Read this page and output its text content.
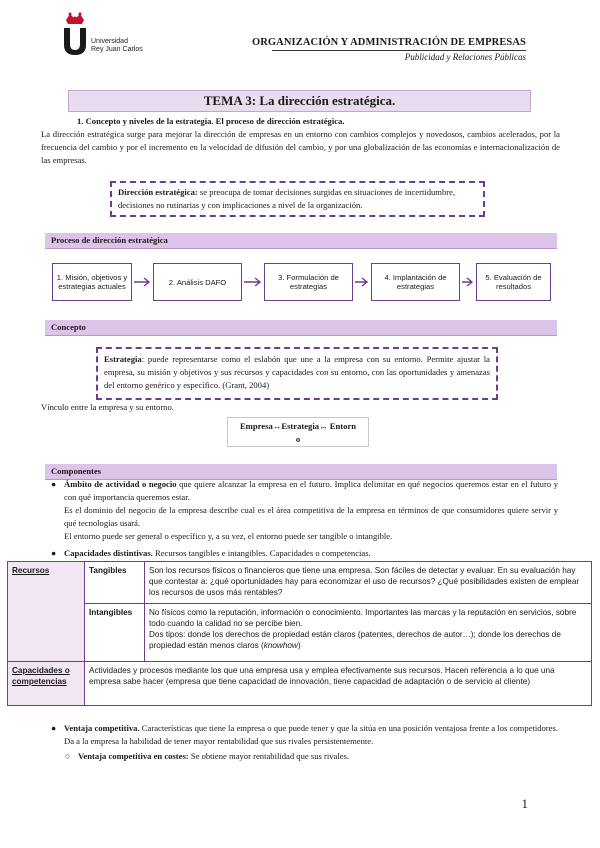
Universidad
Rey Juan Carlos
ORGANIZACIÓN Y ADMINISTRACIÓN DE EMPRESAS
Publicidad y Relaciones Públicas
TEMA 3: La dirección estratégica.
1. Concepto y niveles de la estrategia. El proceso de dirección estratégica.
La dirección estratégica surge para mejorar la dirección de empresas en un entorno con cambios complejos y novedosos, cambios acelerados, por la frecuencia del cambio y por el incremento en la velocidad de difusión del cambio, y por una globalización de las economías e internacionalización de las empresas.
Dirección estratégica: se preocupa de tomar decisiones surgidas en situaciones de incertidumbre, decisiones no rutinarias y con implicaciones a nivel de la organización.
Proceso de dirección estratégica
1. Misión, objetivos y estrategias actuales	2. Análisis DAFO	3. Formulación de estrategias
4. Implantación de estrategias
5. Evaluación de resultados
Concepto
Estrategia: puede representarse como el eslabón que une a la empresa con su entorno. Permite ajustar la empresa, su misión y objetivos y sus recursos y capacidades con su entorno, con las oportunidades y amenazas del entorno genérico y específico. (Grant, 2004)
Vínculo entre la empresa y su entorno.
Empresa↔Estrategia↔ Entorn
o
Componentes
● Ámbito de actividad o negocio que quiere alcanzar la empresa en el futuro. Implica delimitar en qué negocios queremos estar en el futuro y con qué importancia queremos estar.
Es el dominio del negocio de la empresa describe cual es el área competitiva de la empresa en términos de que consumidores quiere servir y qué tecnologías usará.
El entorno puede ser general o específico y, a su vez, el entorno puede ser tangible o intangible.
● Capacidades distintivas. Recursos tangibles e intangibles. Capacidades o competencias.
Recursos	Tangibles	Son los recursos físicos o financieros que tiene una empresa. Son fáciles de detectar y evaluar. En su evaluación hay que contestar a: ¿qué oportunidades hay para economizar el uso de recursos? ¿Qué posibilidades existen de emplear los recursos de usos más rentables?
	Intangibles	No físicos como la reputación, información o conocimiento. Importantes las marcas y la reputación en servicios, sobre todo cuando la calidad no se percibe bien.
Dos tipos: donde los derechos de propiedad están claros (patentes, derechos de autor…); donde los derechos de propiedad están menos claros (knowhow)

Capacidades o competencias	Actividades y procesos mediante los que una empresa usa y emplea efectivamente sus recursos. Hacen referencia a lo que una empresa sabe hacer (empresa que tiene capacidad de innovación, tiene capacidad de adaptación o de servicio al cliente)	
● Ventaja competitiva. Características que tiene la empresa o que puede tener y que la sitúa en una posición ventajosa frente a los competidores. Da a la empresa la habilidad de tener mayor rentabilidad que sus rivales persistentemente.
○ Ventaja competitiva en costes: Se obtiene mayor rentabilidad que sus rivales.
1
